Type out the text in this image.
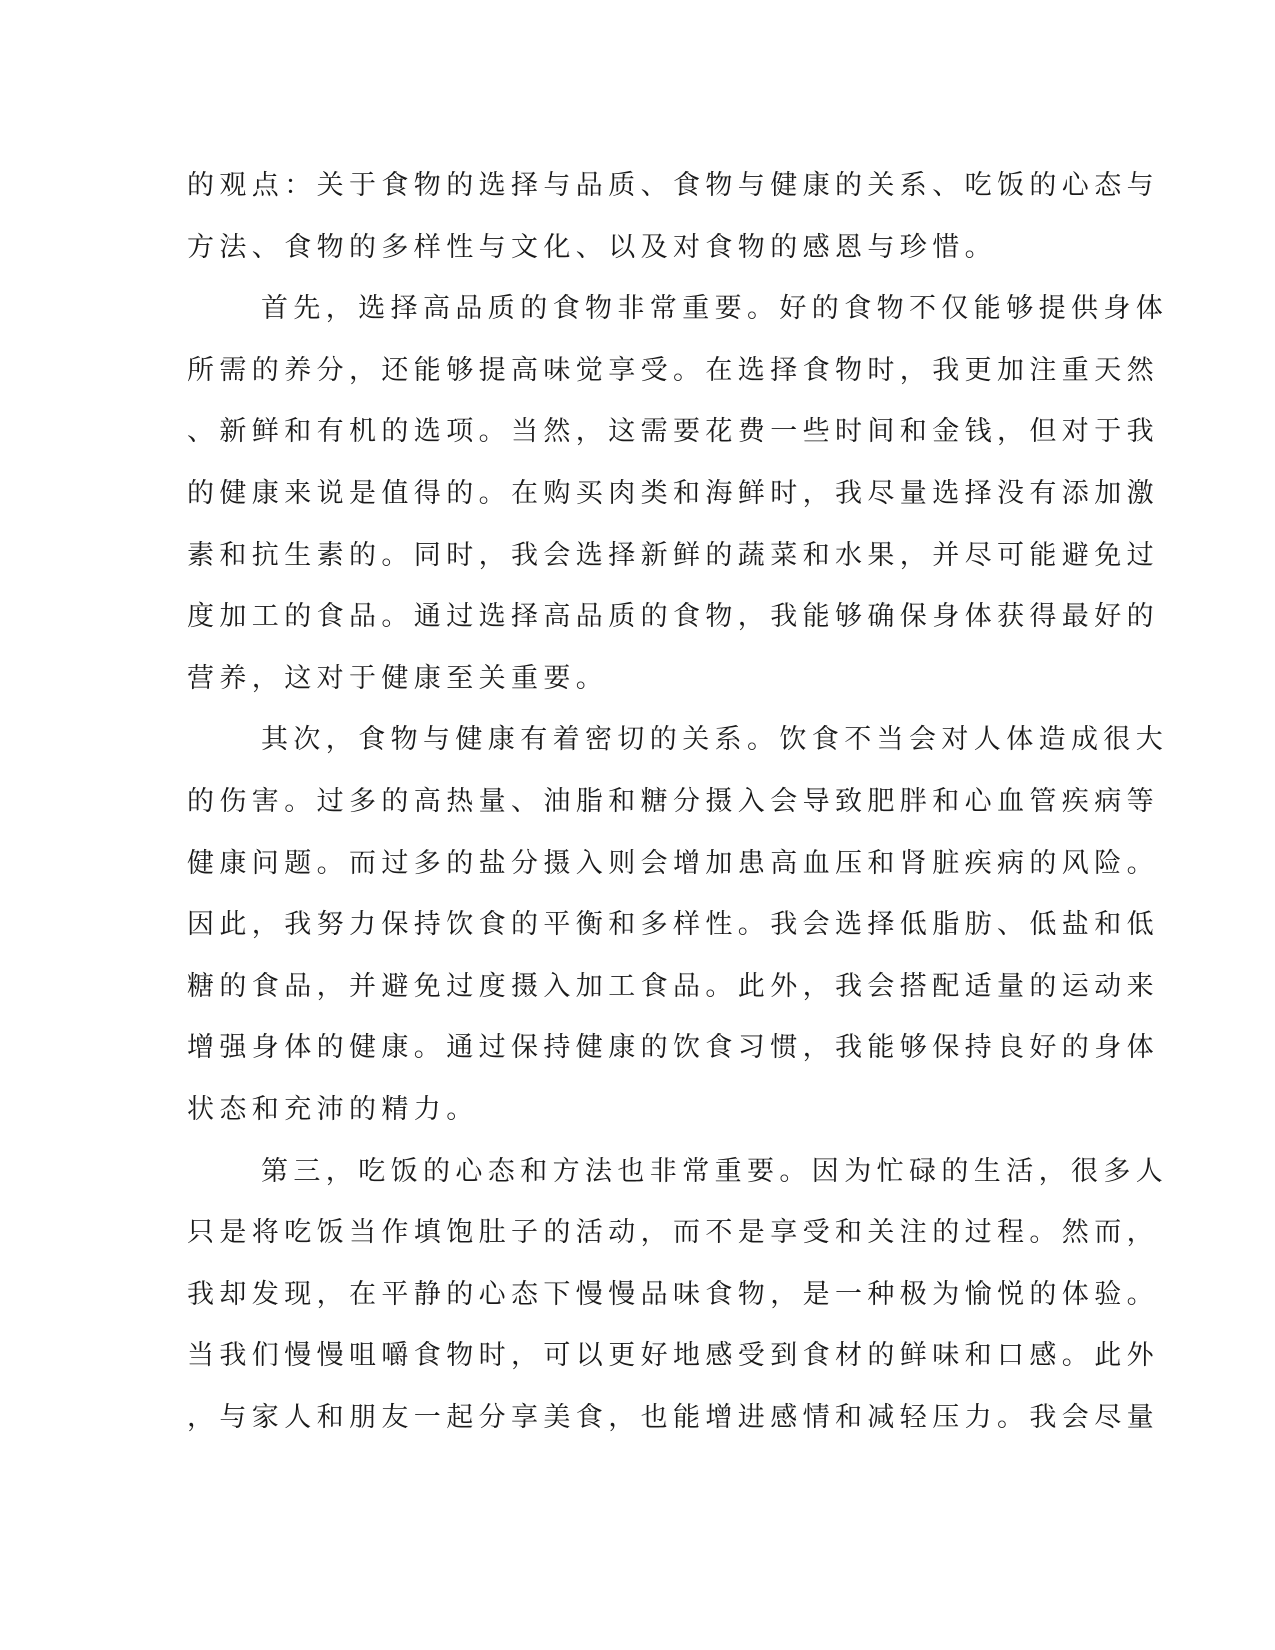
的观点：关于食物的选择与品质、食物与健康的关系、吃饭的心态与
方法、食物的多样性与文化、以及对食物的感恩与珍惜。
首先，选择高品质的食物非常重要。好的食物不仅能够提供身体
所需的养分，还能够提高味觉享受。在选择食物时，我更加注重天然
、新鲜和有机的选项。当然，这需要花费一些时间和金钱，但对于我
的健康来说是值得的。在购买肉类和海鲜时，我尽量选择没有添加激
素和抗生素的。同时，我会选择新鲜的蔬菜和水果，并尽可能避免过
度加工的食品。通过选择高品质的食物，我能够确保身体获得最好的
营养，这对于健康至关重要。
其次，食物与健康有着密切的关系。饮食不当会对人体造成很大
的伤害。过多的高热量、油脂和糖分摄入会导致肥胖和心血管疾病等
健康问题。而过多的盐分摄入则会增加患高血压和肾脏疾病的风险。
因此，我努力保持饮食的平衡和多样性。我会选择低脂肪、低盐和低
糖的食品，并避免过度摄入加工食品。此外，我会搭配适量的运动来
增强身体的健康。通过保持健康的饮食习惯，我能够保持良好的身体
状态和充沛的精力。
第三，吃饭的心态和方法也非常重要。因为忙碌的生活，很多人
只是将吃饭当作填饱肚子的活动，而不是享受和关注的过程。然而，
我却发现，在平静的心态下慢慢品味食物，是一种极为愉悦的体验。
当我们慢慢咀嚼食物时，可以更好地感受到食材的鲜味和口感。此外
，与家人和朋友一起分享美食，也能增进感情和减轻压力。我会尽量
